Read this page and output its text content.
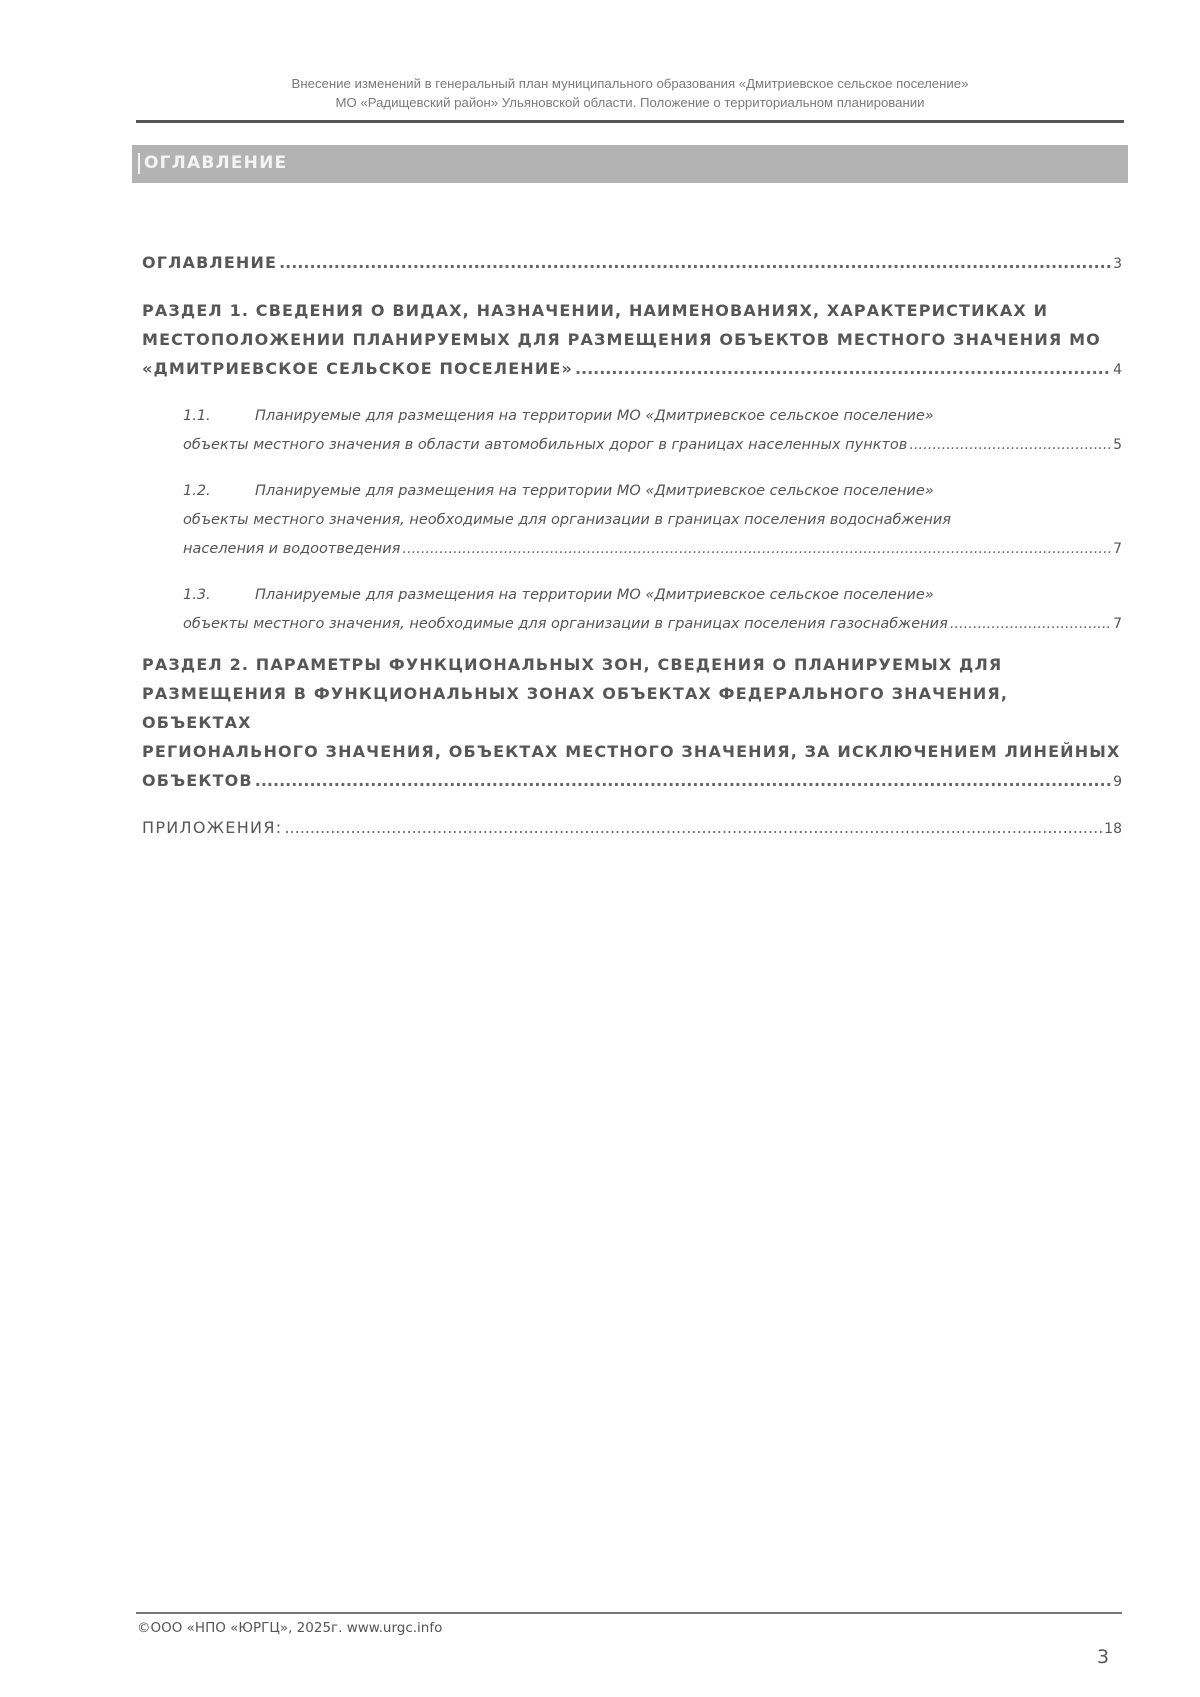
Внесение изменений в генеральный план муниципального образования «Дмитриевское сельское поселение»
МО «Радищевский район» Ульяновской области. Положение о территориальном планировании
ОГЛАВЛЕНИЕ
ОГЛАВЛЕНИЕ .....	3
РАЗДЕЛ 1. СВЕДЕНИЯ О ВИДАХ, НАЗНАЧЕНИИ, НАИМЕНОВАНИЯХ, ХАРАКТЕРИСТИКАХ И
МЕСТОПОЛОЖЕНИИ ПЛАНИРУЕМЫХ ДЛЯ РАЗМЕЩЕНИЯ ОБЪЕКТОВ МЕСТНОГО ЗНАЧЕНИЯ МО
«ДМИТРИЕВСКОЕ СЕЛЬСКОЕ ПОСЕЛЕНИЕ» .....	4
1.1.	Планируемые для размещения на территории МО «Дмитриевское сельское поселение»
объекты местного значения в области автомобильных дорог в границах населенных пунктов .....	5
1.2.	Планируемые для размещения на территории МО «Дмитриевское сельское поселение»
объекты местного значения, необходимые для организации в границах поселения водоснабжения
населения и водоотведения .....	7
1.3.	Планируемые для размещения на территории МО «Дмитриевское сельское поселение»
объекты местного значения, необходимые для организации в границах поселения газоснабжения .....	7
РАЗДЕЛ 2. ПАРАМЕТРЫ ФУНКЦИОНАЛЬНЫХ ЗОН, СВЕДЕНИЯ О ПЛАНИРУЕМЫХ ДЛЯ
РАЗМЕЩЕНИЯ В ФУНКЦИОНАЛЬНЫХ ЗОНАХ ОБЪЕКТАХ ФЕДЕРАЛЬНОГО ЗНАЧЕНИЯ, ОБЪЕКТАХ
РЕГИОНАЛЬНОГО ЗНАЧЕНИЯ, ОБЪЕКТАХ МЕСТНОГО ЗНАЧЕНИЯ, ЗА ИСКЛЮЧЕНИЕМ ЛИНЕЙНЫХ
ОБЪЕКТОВ .....	9
ПРИЛОЖЕНИЯ: .....	18
©ООО «НПО «ЮРГЦ», 2025г. www.urgc.info
3
